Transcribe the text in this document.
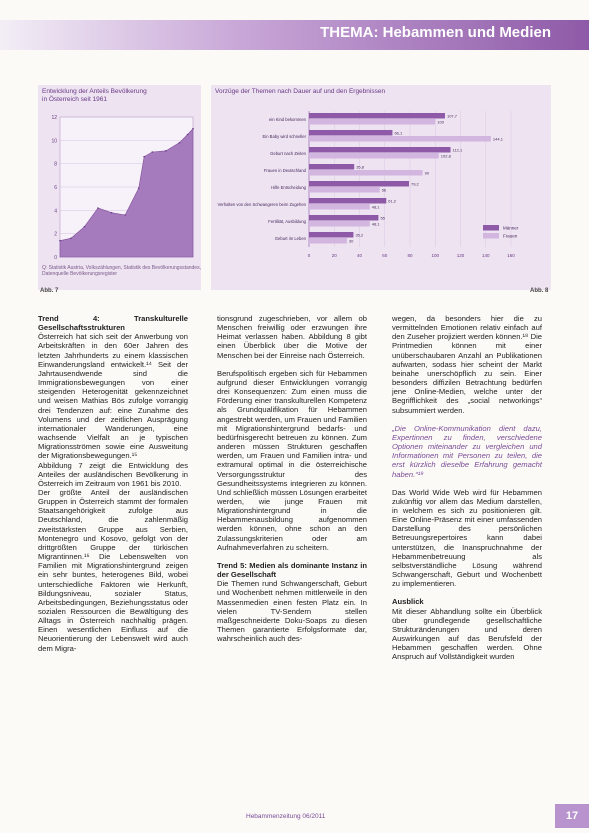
THEMA: Hebammen und Medien
Entwicklung der Anteils Bevölkerung
in Österreich seit 1961
0
2
4
6
8
10
12
Q: Statistik Austria, Volkszählungen, Statistik des Bevölkerungsstandes,
Datenquelle Bevölkerungsregister
Abb. 7
Vorzüge der Themen nach Dauer auf und den Ergebnissen
0	20	40	60	80	100	120	140	160
ein Kind bekommen
107,7
100
Ein Baby wird schneller
66,1
144,1
Geburt nach Zeiten
112,1
102,8
Frauen in Deutschland
35,8
90
Hilfe Entscheidung
79,2
56
Verhalten von den Schwangeren beim Zugehen
61,2
48,1
Fertilität, Ausbildung
55
48,1
Geburt im Leben
35,2
30
Männer
Frauen
Abb. 8
Trend 4: Transkulturelle Gesellschaftsstrukturen

Österreich hat sich seit der Anwerbung von Arbeitskräften in den 60er Jahren des letzten Jahrhunderts zu einem klassischen Einwanderungsland entwickelt.¹⁴ Seit der Jahrtausendwende sind die Immigrationsbewegungen von einer steigenden Heterogenität gekennzeichnet und weisen Mathias Bös zufolge vorrangig drei Tendenzen auf: eine Zunahme des Volumens und der zeitlichen Ausprägung internationaler Wanderungen, eine wachsende Vielfalt an je typischen Migrationsströmen sowie eine Ausweitung der Migrationsbewegungen.¹⁵

Abbildung 7 zeigt die Entwicklung des Anteiles der ausländischen Bevölkerung in Österreich im Zeitraum von 1961 bis 2010.

Der größte Anteil der ausländischen Gruppen in Österreich stammt der formalen Staatsangehörigkeit zufolge aus Deutschland, die zahlenmäßig zweitstärksten Gruppe aus Serbien, Montenegro und Kosovo, gefolgt von der drittgrößten Gruppe der türkischen Migrantinnen.¹⁶ Die Lebenswelten von Familien mit Migrationshintergrund zeigen ein sehr buntes, heterogenes Bild, wobei unterschiedliche Faktoren wie Herkunft, Bildungsniveau, soziaIer Status, Arbeitsbedingungen, Beziehungsstatus oder sozialen Ressourcen die Bewältigung des Alltags in Österreich nachhaltig prägen. Einen wesentlichen Einfluss auf die Neuorientierung der Lebenswelt wird auch dem Migra-

tionsgrund zugeschrieben, vor allem ob Menschen freiwillig oder erzwungen ihre Heimat verlassen haben. Abbildung 8 gibt einen Überblick über die Motive der Menschen bei der Einreise nach Österreich.

Berufspolitisch ergeben sich für Hebammen aufgrund dieser Entwicklungen vorrangig drei Konsequenzen: Zum einen muss die Förderung einer transkulturellen Kompetenz als Grundqualifikation für Hebammen angestrebt werden, um Frauen und Familien mit Migrationshintergrund bedarfs- und bedürfnisgerecht betreuen zu können. Zum anderen müssen Strukturen geschaffen werden, um Frauen und Familien intra- und extramural optimal in die österreichische Versorgungsstruktur des Gesundheitssystems integrieren zu können. Und schließlich müssen Lösungen erarbeitet werden, wie junge Frauen mit Migrationshintergrund in die Hebammenausbildung aufgenommen werden können, ohne schon an den Zulassungskriterien oder am Aufnahmeverfahren zu scheitern.

Trend 5: Medien als dominante Instanz in der Gesellschaft

Die Themen rund Schwangerschaft, Geburt und Wochenbett nehmen mittlerweile in den Massenmedien einen festen Platz ein. In vielen TV-Sendern stellen maßgeschneiderte Doku-Soaps zu diesen Themen garantierte Erfolgsformate dar, wahrscheinlich auch des-

wegen, da besonders hier die zu vermittelnden Emotionen relativ einfach auf den Zuseher projiziert werden können.¹⁸ Die Printmedien können mit einer unüberschaubaren Anzahl an Publikationen aufwarten, sodass hier scheint der Markt beinahe unerschöpflich zu sein. Einer besonders diffizilen Betrachtung bedürfen jene Online-Medien, welche unter der Begrifflichkeit des „social networkings“ subsummiert werden.

„Die Online-Kommunikation dient dazu, Expertinnen zu finden, verschiedene Optionen miteinander zu vergleichen und Informationen mit Personen zu teilen, die erst kürzlich dieselbe Erfahrung gemacht haben.“¹⁹

Das World Wide Web wird für Hebammen zukünftig vor allem das Medium darstellen, in welchem es sich zu positionieren gilt. Eine Online-Präsenz mit einer umfassenden Darstellung des persönlichen Betreuungsrepertoires kann dabei unterstützen, die Inanspruchnahme der Hebammenbetreuung als selbstverständliche Lösung während Schwangerschaft, Geburt und Wochenbett zu implementieren.

Ausblick

Mit dieser Abhandlung sollte ein Überblick über grundlegende gesellschaftliche Strukturänderungen und deren Auswirkungen auf das Berufsfeld der Hebammen geschaffen werden. Ohne Anspruch auf Vollständigkeit wurden

Hebammenzeitung 06/2011	17
